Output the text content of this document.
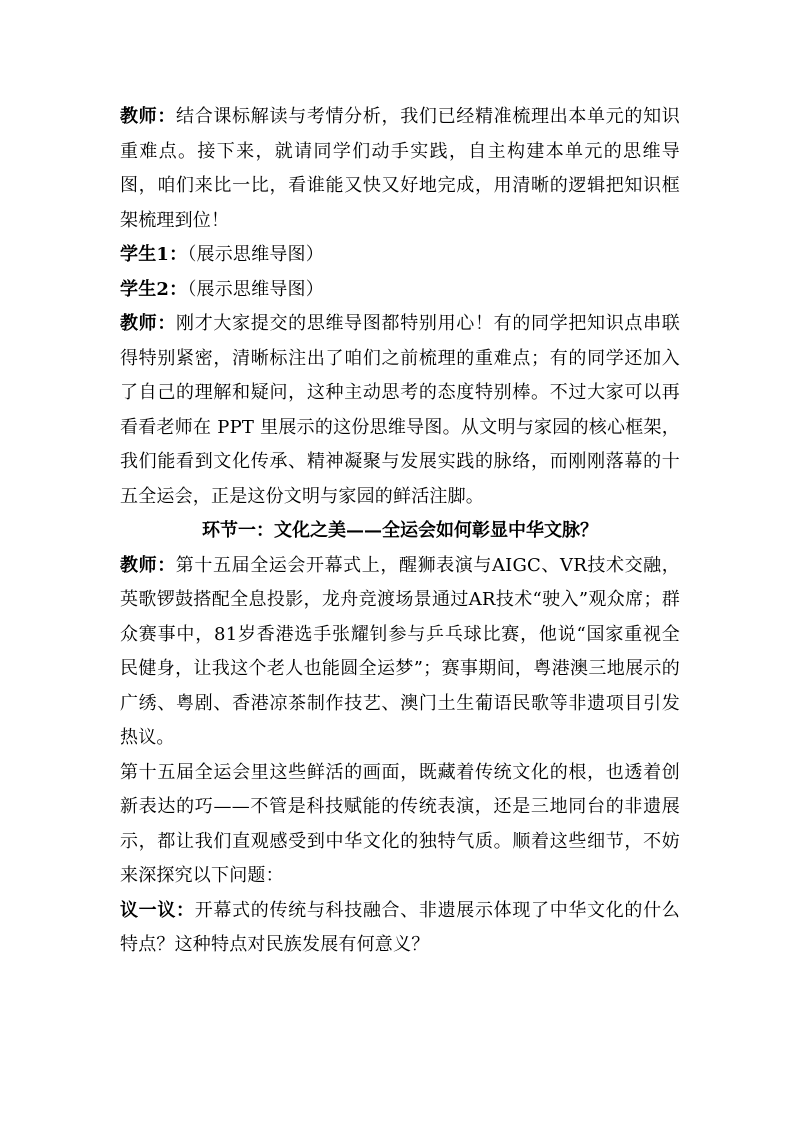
教师：结合课标解读与考情分析，我们已经精准梳理出本单元的知识重难点。接下来，就请同学们动手实践，自主构建本单元的思维导图，咱们来比一比，看谁能又快又好地完成，用清晰的逻辑把知识框架梳理到位！

学生1：（展示思维导图）

学生2：（展示思维导图）

教师：刚才大家提交的思维导图都特别用心！有的同学把知识点串联得特别紧密，清晰标注出了咱们之前梳理的重难点；有的同学还加入了自己的理解和疑问，这种主动思考的态度特别棒。不过大家可以再看看老师在 PPT 里展示的这份思维导图。从文明与家园的核心框架，我们能看到文化传承、精神凝聚与发展实践的脉络，而刚刚落幕的十五全运会，正是这份文明与家园的鲜活注脚。

环节一：文化之美——全运会如何彰显中华文脉？

教师：第十五届全运会开幕式上，醒狮表演与AIGC、VR技术交融，英歌锣鼓搭配全息投影，龙舟竞渡场景通过AR技术“驶入”观众席；群众赛事中，81岁香港选手张耀钊参与乒乓球比赛，他说“国家重视全民健身，让我这个老人也能圆全运梦”；赛事期间，粤港澳三地展示的广绣、粤剧、香港凉茶制作技艺、澳门土生葡语民歌等非遗项目引发热议。

第十五届全运会里这些鲜活的画面，既藏着传统文化的根，也透着创新表达的巧——不管是科技赋能的传统表演，还是三地同台的非遗展示，都让我们直观感受到中华文化的独特气质。顺着这些细节，不妨来深探究以下问题：

议一议：开幕式的传统与科技融合、非遗展示体现了中华文化的什么特点？这种特点对民族发展有何意义？
